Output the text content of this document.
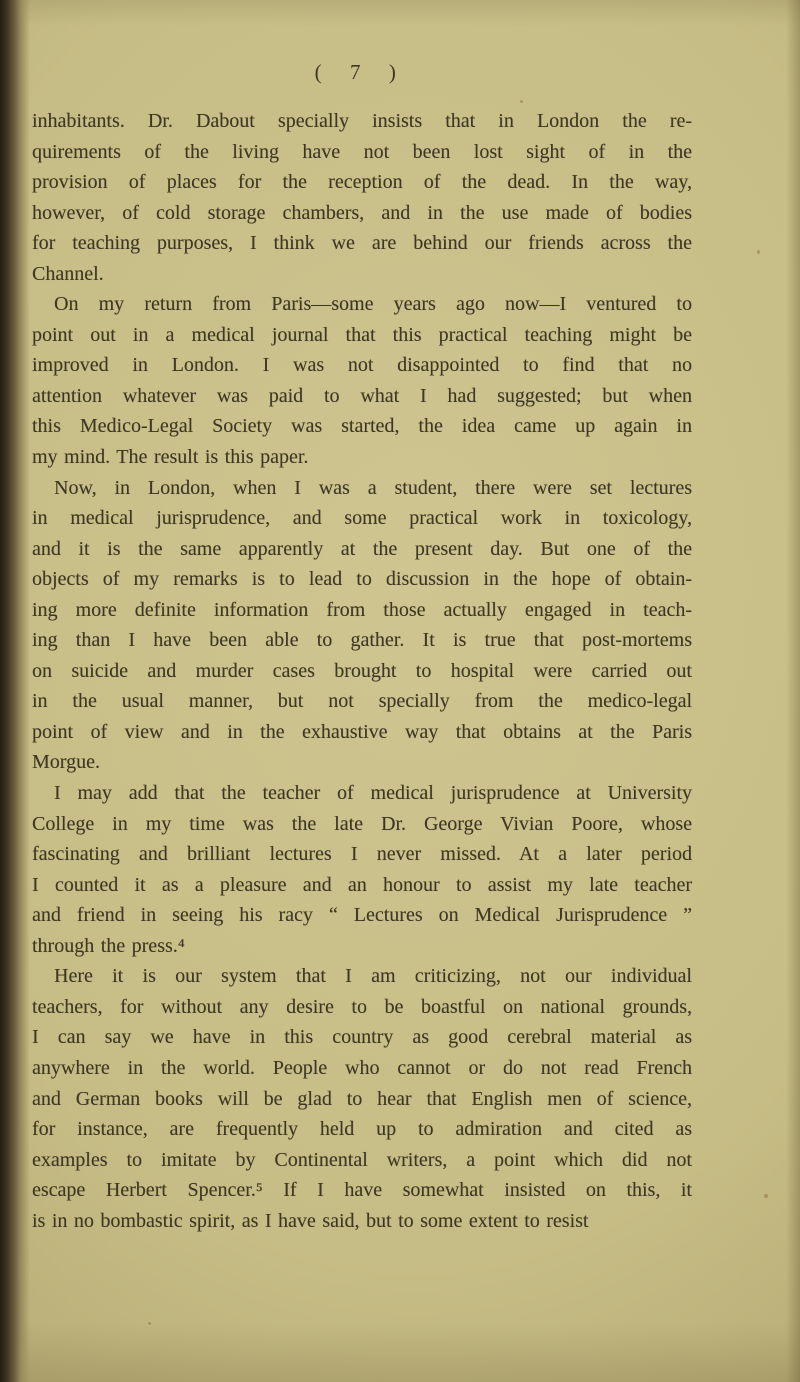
( 7 )
inhabitants. Dr. Dabout specially insists that in London the re-
quirements of the living have not been lost sight of in the
provision of places for the reception of the dead. In the way,
however, of cold storage chambers, and in the use made of bodies
for teaching purposes, I think we are behind our friends across the
Channel.
On my return from Paris—some years ago now—I ventured to
point out in a medical journal that this practical teaching might be
improved in London. I was not disappointed to find that no
attention whatever was paid to what I had suggested; but when
this Medico-Legal Society was started, the idea came up again in
my mind. The result is this paper.
Now, in London, when I was a student, there were set lectures
in medical jurisprudence, and some practical work in toxicology,
and it is the same apparently at the present day. But one of the
objects of my remarks is to lead to discussion in the hope of obtain-
ing more definite information from those actually engaged in teach-
ing than I have been able to gather. It is true that post-mortems
on suicide and murder cases brought to hospital were carried out
in the usual manner, but not specially from the medico-legal
point of view and in the exhaustive way that obtains at the Paris
Morgue.
I may add that the teacher of medical jurisprudence at University
College in my time was the late Dr. George Vivian Poore, whose
fascinating and brilliant lectures I never missed. At a later period
I counted it as a pleasure and an honour to assist my late teacher
and friend in seeing his racy “ Lectures on Medical Jurisprudence ”
through the press.⁴
Here it is our system that I am criticizing, not our individual
teachers, for without any desire to be boastful on national grounds,
I can say we have in this country as good cerebral material as
anywhere in the world. People who cannot or do not read French
and German books will be glad to hear that English men of science,
for instance, are frequently held up to admiration and cited as
examples to imitate by Continental writers, a point which did not
escape Herbert Spencer.⁵ If I have somewhat insisted on this, it
is in no bombastic spirit, as I have said, but to some extent to resist
